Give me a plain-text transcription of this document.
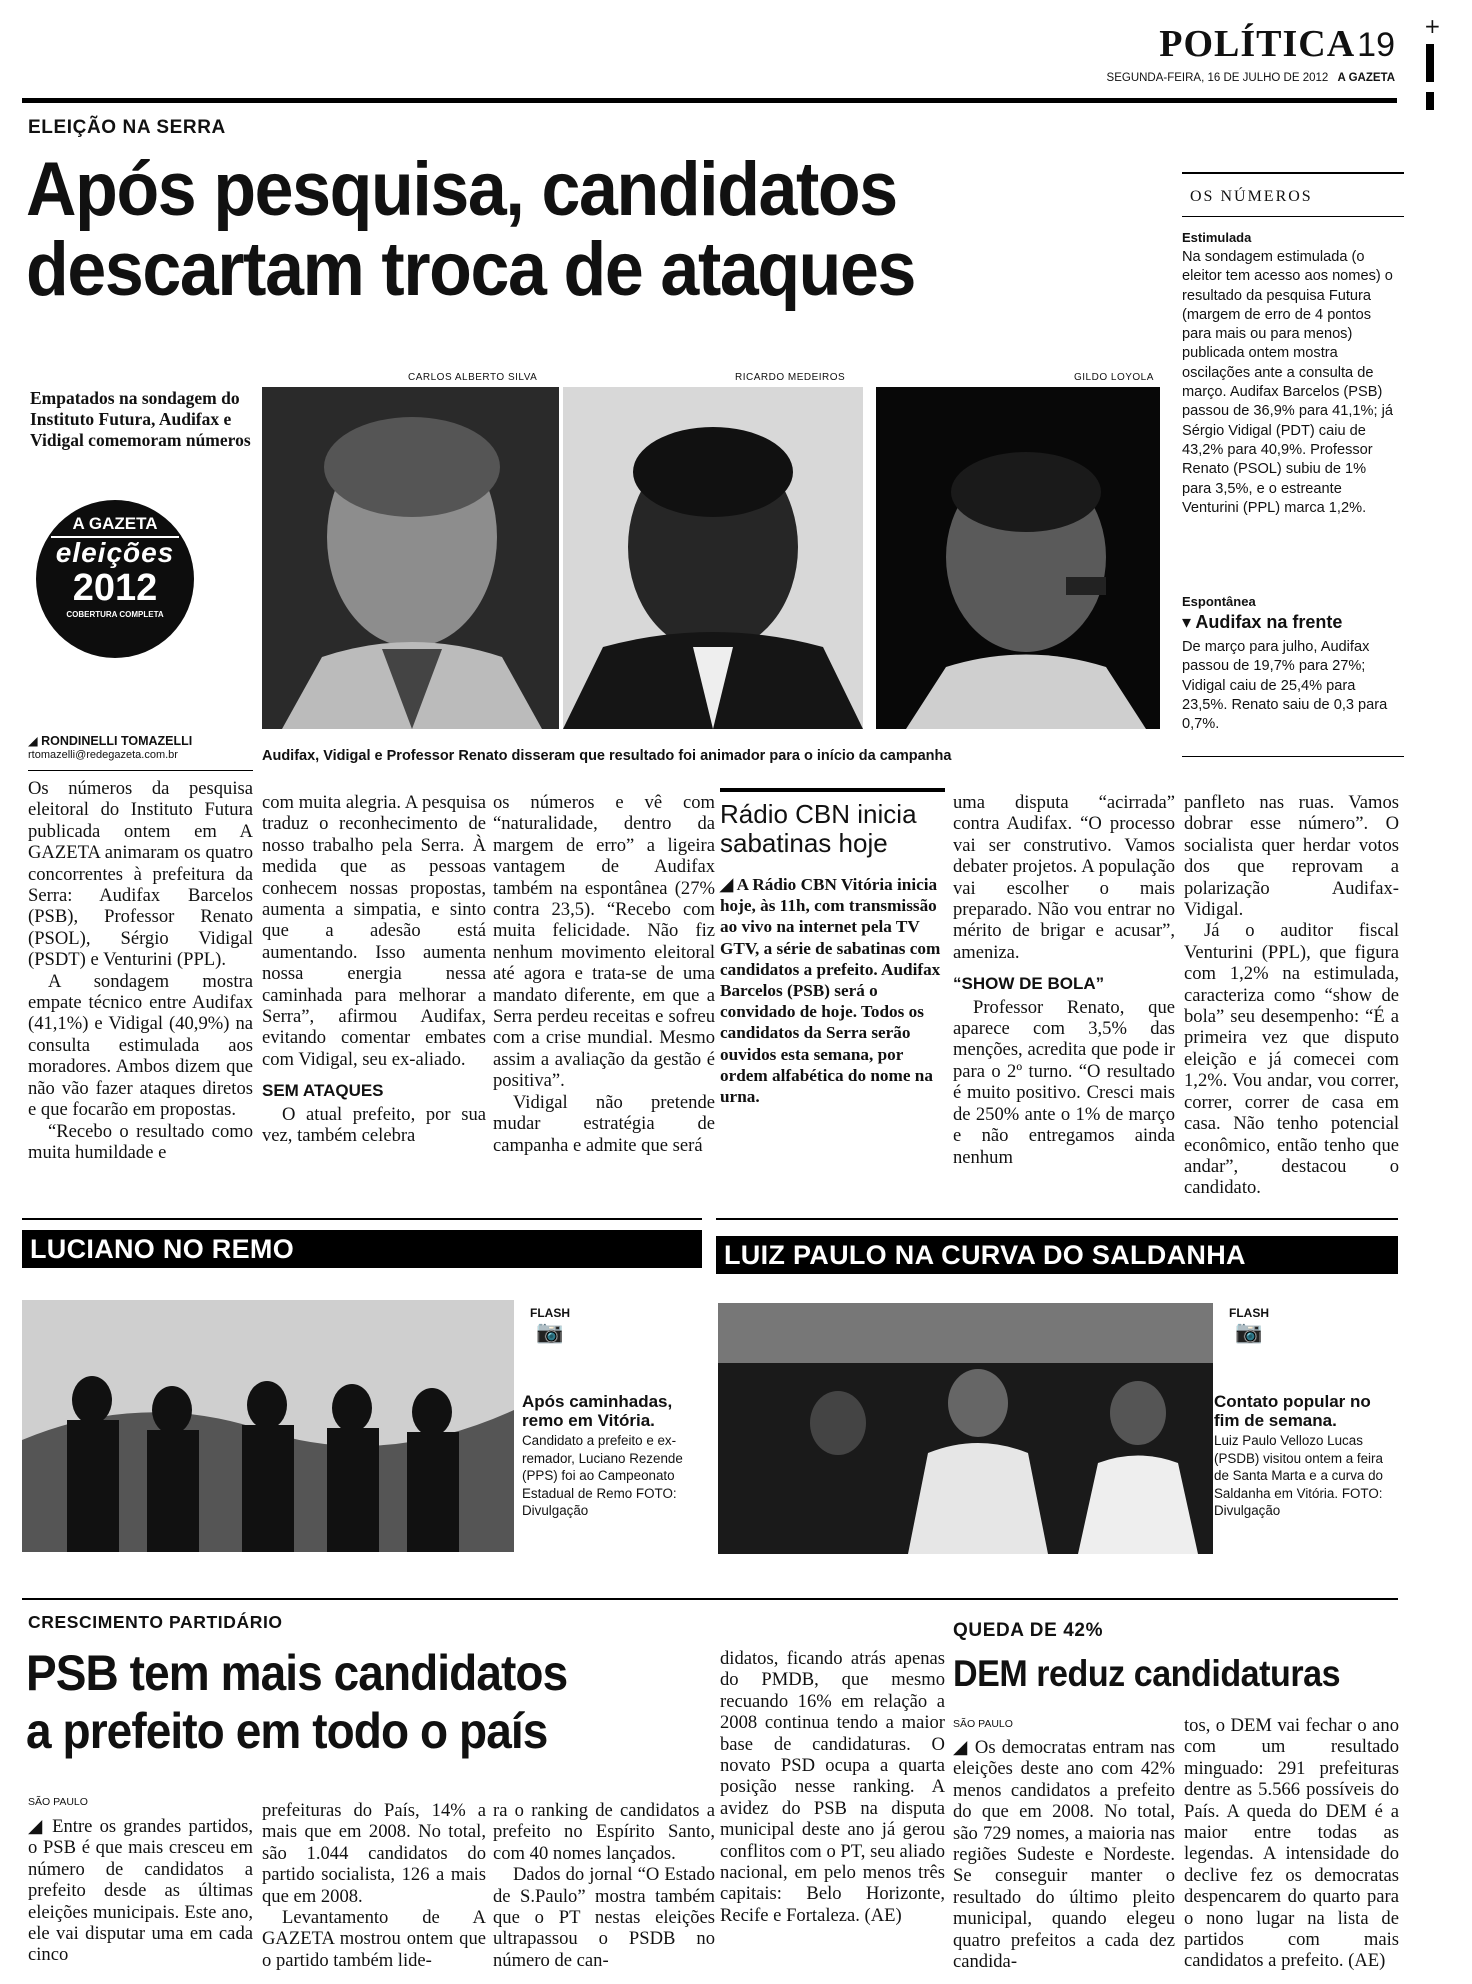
POLÍTICA19
SEGUNDA-FEIRA, 16 DE JULHO DE 2012 A GAZETA
+
ELEIÇÃO NA SERRA
Após pesquisa, candidatos
descartam troca de ataques
Empatados na sondagem do Instituto Futura, Audifax e Vidigal comemoram números
A GAZETA
eleições
2012
COBERTURA COMPLETA
◢ RONDINELLI TOMAZELLI
rtomazelli@redegazeta.com.br
CARLOS ALBERTO SILVA	RICARDO MEDEIROS	GILDO LOYOLA
Audifax, Vidigal e Professor Renato disseram que resultado foi animador para o início da campanha

Os números da pesquisa eleitoral do Instituto Futura publicada ontem em A GAZETA animaram os quatro concorrentes à prefeitura da Serra: Audifax Barcelos (PSB), Professor Renato (PSOL), Sérgio Vidigal (PSDT) e Venturini (PPL).

A sondagem mostra empate técnico entre Audifax (41,1%) e Vidigal (40,9%) na consulta estimulada aos moradores. Ambos dizem que não vão fazer ataques diretos e que focarão em propostas.

“Recebo o resultado como muita humildade e

com muita alegria. A pesquisa traduz o reconhecimento de nosso trabalho pela Serra. À medida que as pessoas conhecem nossas propostas, aumenta a simpatia, e sinto que a adesão está aumentando. Isso aumenta nossa energia nessa caminhada para melhorar a Serra”, afirmou Audifax, evitando comentar embates com Vidigal, seu ex-aliado.

SEM ATAQUES

O atual prefeito, por sua vez, também celebra

os números e vê com “naturalidade, dentro da margem de erro” a ligeira vantagem de Audifax também na espontânea (27% contra 23,5). “Recebo com muita felicidade. Não fiz nenhum movimento eleitoral até agora e trata-se de uma mandato diferente, em que a Serra perdeu receitas e sofreu com a crise mundial. Mesmo assim a avaliação da gestão é positiva”.

Vidigal não pretende mudar estratégia de campanha e admite que será

Rádio CBN inicia sabatinas hoje
◢ A Rádio CBN Vitória inicia hoje, às 11h, com transmissão ao vivo na internet pela TV GTV, a série de sabatinas com candidatos a prefeito. Audifax Barcelos (PSB) será o convidado de hoje. Todos os candidatos da Serra serão ouvidos esta semana, por ordem alfabética do nome na urna.

uma disputa “acirrada” contra Audifax. “O processo vai ser construtivo. Vamos debater projetos. A população vai escolher o mais preparado. Não vou entrar no mérito de brigar e acusar”, ameniza.

“SHOW DE BOLA”

Professor Renato, que aparece com 3,5% das menções, acredita que pode ir para o 2º turno. “O resultado é muito positivo. Cresci mais de 250% ante o 1% de março e não entregamos ainda nenhum

panfleto nas ruas. Vamos dobrar esse número”. O socialista quer herdar votos dos que reprovam a polarização Audifax-Vidigal.

Já o auditor fiscal Venturini (PPL), que figura com 1,2% na estimulada, caracteriza como “show de bola” seu desempenho: “É a primeira vez que disputo eleição e já comecei com 1,2%. Vou andar, vou correr, correr, correr de casa em casa. Não tenho potencial econômico, então tenho que andar”, destacou o candidato.

OS NÚMEROS
Estimulada
Na sondagem estimulada (o eleitor tem acesso aos nomes) o resultado da pesquisa Futura (margem de erro de 4 pontos para mais ou para menos) publicada ontem mostra oscilações ante a consulta de março. Audifax Barcelos (PSB) passou de 36,9% para 41,1%; já Sérgio Vidigal (PDT) caiu de 43,2% para 40,9%. Professor Renato (PSOL) subiu de 1% para 3,5%, e o estreante Venturini (PPL) marca 1,2%.
Espontânea
▾ Audifax na frente
De março para julho, Audifax passou de 19,7% para 27%; Vidigal caiu de 25,4% para 23,5%. Renato saiu de 0,3 para 0,7%.
LUCIANO NO REMO
FLASH
📷
Após caminhadas, remo em Vitória.
Candidato a prefeito e ex-remador, Luciano Rezende (PPS) foi ao Campeonato Estadual de Remo FOTO: Divulgação
LUIZ PAULO NA CURVA DO SALDANHA
FLASH
📷
Contato popular no fim de semana.
Luiz Paulo Vellozo Lucas (PSDB) visitou ontem a feira de Santa Marta e a curva do Saldanha em Vitória. FOTO: Divulgação
CRESCIMENTO PARTIDÁRIO
PSB tem mais candidatos
a prefeito em todo o país
SÃO PAULO

◢ Entre os grandes partidos, o PSB é que mais cresceu em número de candidatos a prefeito desde as últimas eleições municipais. Este ano, ele vai disputar uma em cada cinco

prefeituras do País, 14% a mais que em 2008. No total, são 1.044 candidatos do partido socialista, 126 a mais que em 2008.

Levantamento de A GAZETA mostrou ontem que o partido também lide-

ra o ranking de candidatos a prefeito no Espírito Santo, com 40 nomes lançados.

Dados do jornal “O Estado de S.Paulo” mostra também que o PT nestas eleições ultrapassou o PSDB no número de can-

didatos, ficando atrás apenas do PMDB, que mesmo recuando 16% em relação a 2008 continua tendo a maior base de candidaturas. O novato PSD ocupa a quarta posição nesse ranking. A avidez do PSB na disputa municipal deste ano já gerou conflitos com o PT, seu aliado nacional, em pelo menos três capitais: Belo Horizonte, Recife e Fortaleza. (AE)

QUEDA DE 42%
DEM reduz candidaturas
SÃO PAULO

◢ Os democratas entram nas eleições deste ano com 42% menos candidatos a prefeito do que em 2008. No total, são 729 nomes, a maioria nas regiões Sudeste e Nordeste. Se conseguir manter o resultado do último pleito municipal, quando elegeu quatro prefeitos a cada dez candida-

tos, o DEM vai fechar o ano com um resultado minguado: 291 prefeituras dentre as 5.566 possíveis do País. A queda do DEM é a maior entre todas as legendas. A intensidade do declive fez os democratas despencarem do quarto para o nono lugar na lista de partidos com mais candidatos a prefeito. (AE)
